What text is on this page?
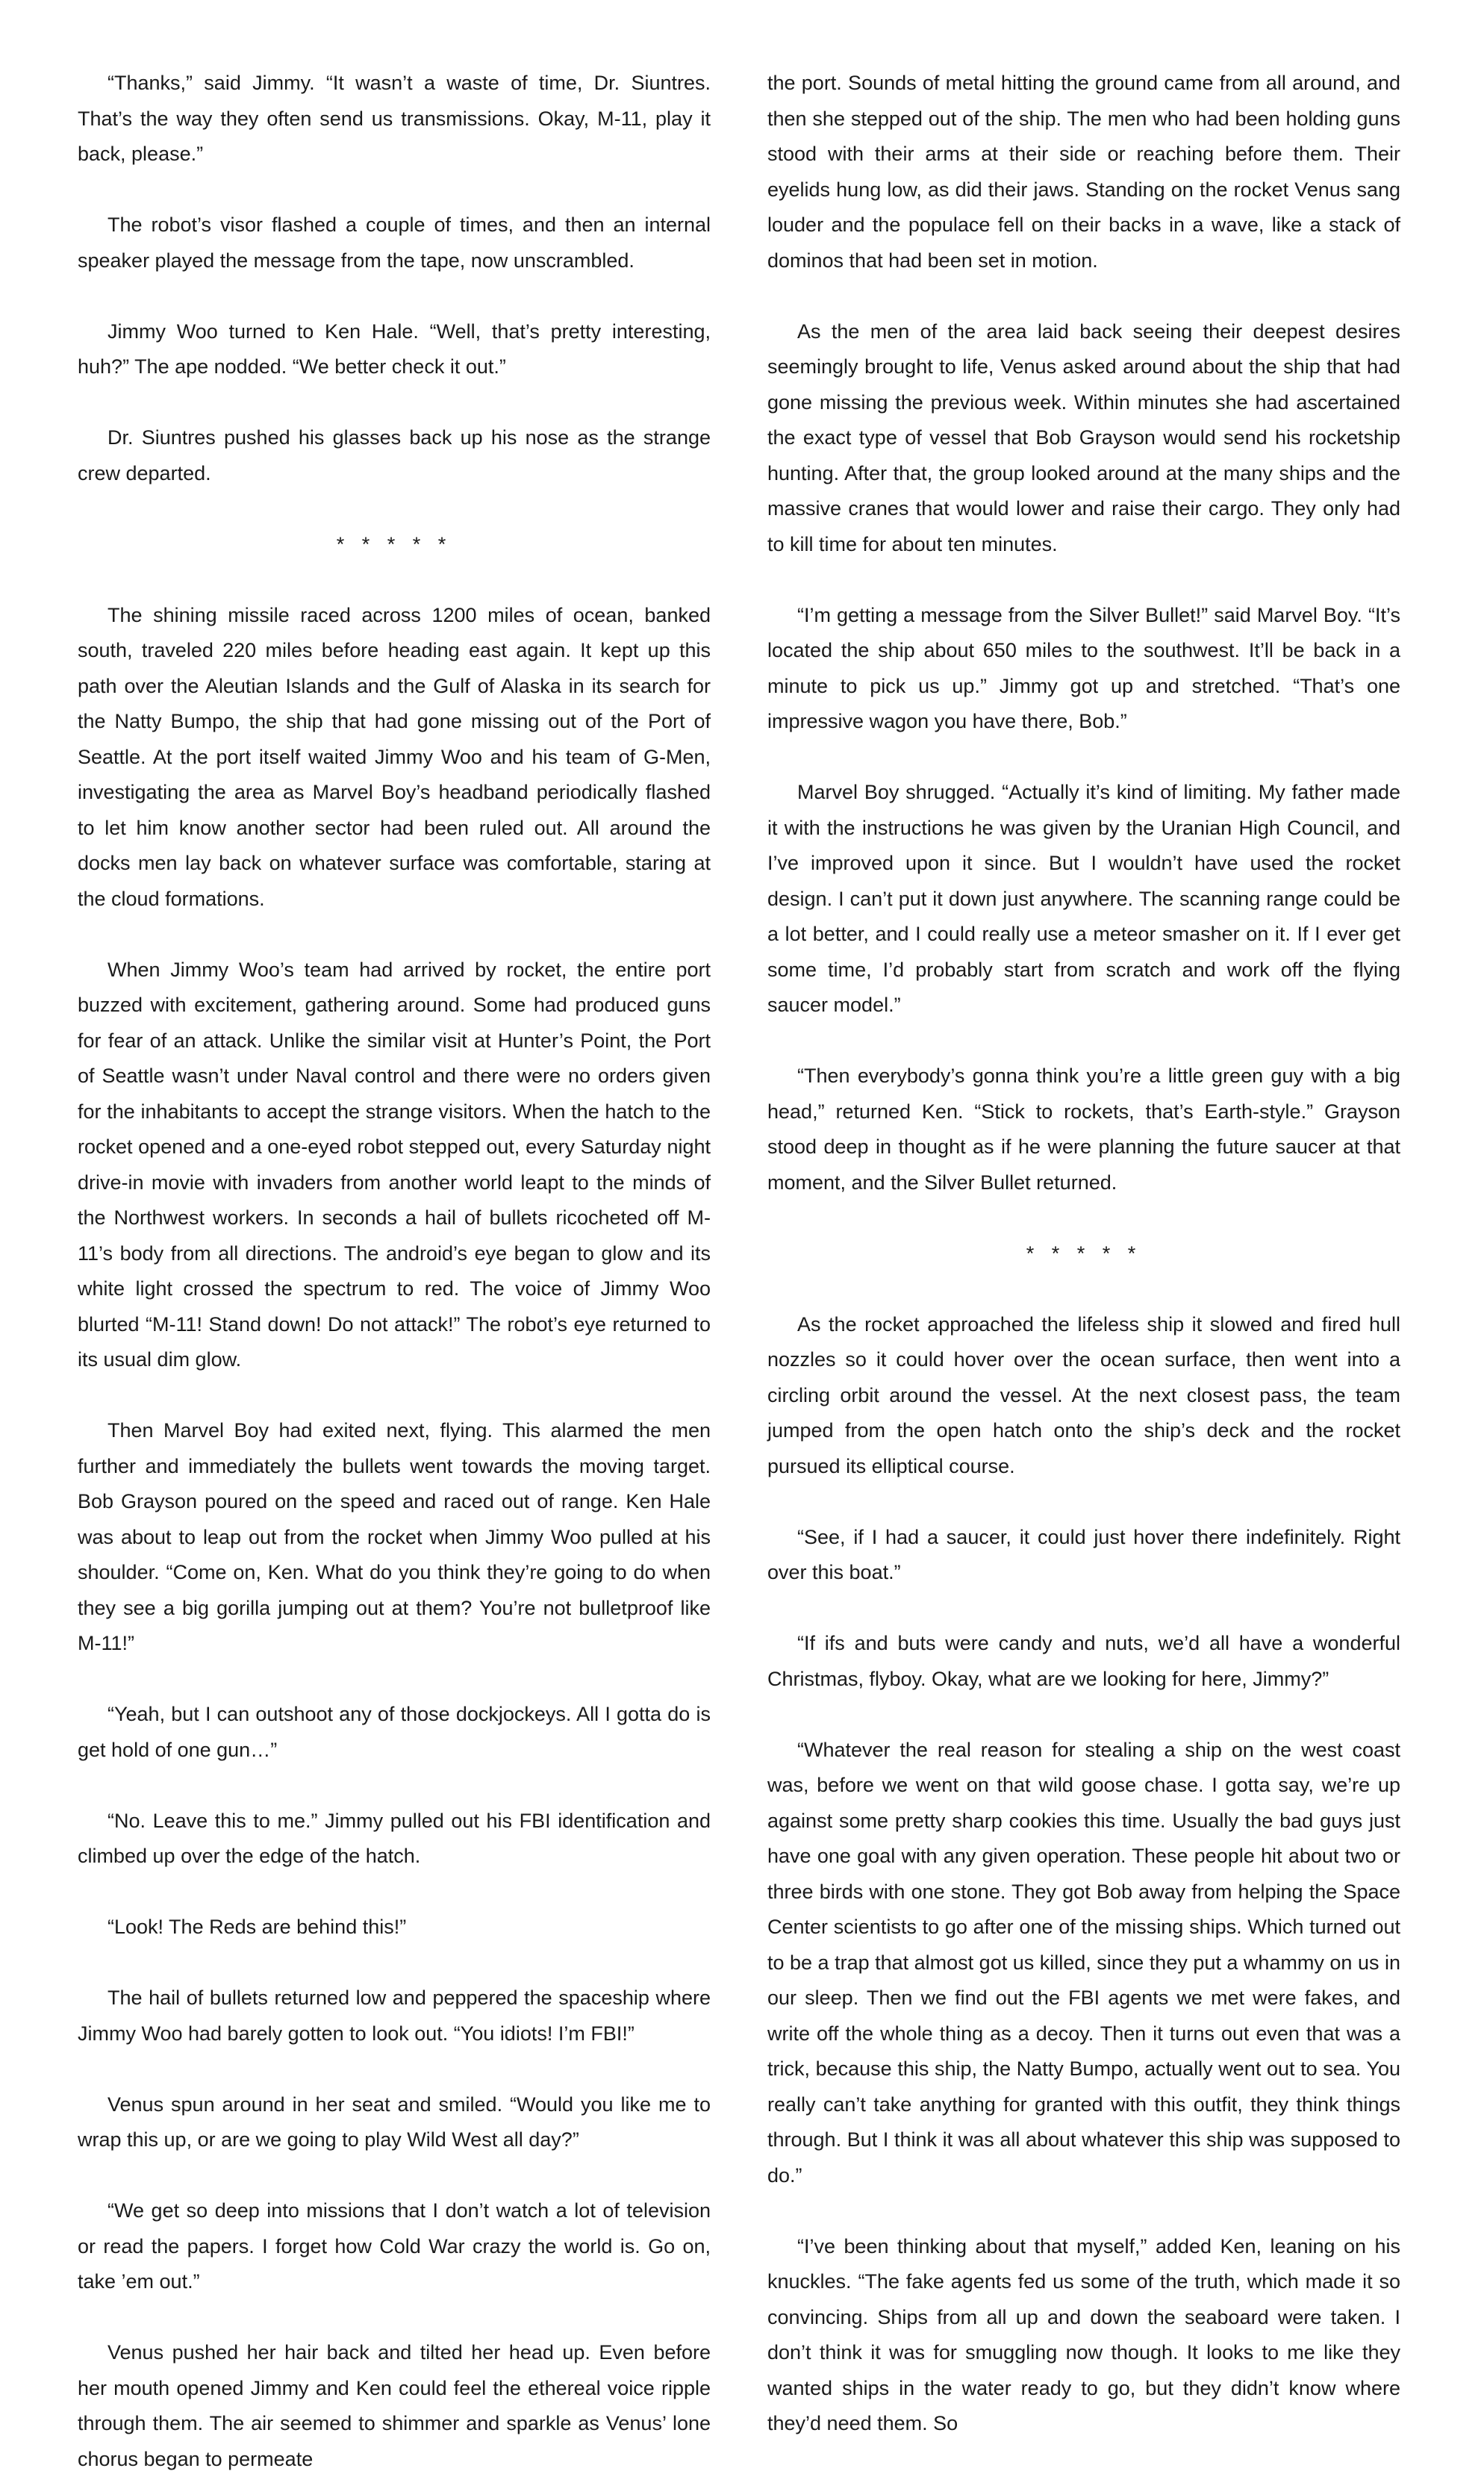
“Thanks,” said Jimmy. “It wasn’t a waste of time, Dr. Siuntres. That’s the way they often send us transmissions. Okay, M-11, play it back, please.”

The robot’s visor flashed a couple of times, and then an internal speaker played the message from the tape, now unscrambled.

Jimmy Woo turned to Ken Hale. “Well, that’s pretty interesting, huh?” The ape nodded. “We better check it out.”

Dr. Siuntres pushed his glasses back up his nose as the strange crew departed.

* * * * *

The shining missile raced across 1200 miles of ocean, banked south, traveled 220 miles before heading east again. It kept up this path over the Aleutian Islands and the Gulf of Alaska in its search for the Natty Bumpo, the ship that had gone missing out of the Port of Seattle. At the port itself waited Jimmy Woo and his team of G-Men, investigating the area as Marvel Boy’s headband periodically flashed to let him know another sector had been ruled out. All around the docks men lay back on whatever surface was comfortable, staring at the cloud formations.

When Jimmy Woo’s team had arrived by rocket, the entire port buzzed with excitement, gathering around. Some had produced guns for fear of an attack. Unlike the similar visit at Hunter’s Point, the Port of Seattle wasn’t under Naval control and there were no orders given for the inhabitants to accept the strange visitors. When the hatch to the rocket opened and a one-eyed robot stepped out, every Saturday night drive-in movie with invaders from another world leapt to the minds of the Northwest workers. In seconds a hail of bullets ricocheted off M-11’s body from all directions. The android’s eye began to glow and its white light crossed the spectrum to red. The voice of Jimmy Woo blurted “M-11! Stand down! Do not attack!” The robot’s eye returned to its usual dim glow.

Then Marvel Boy had exited next, flying. This alarmed the men further and immediately the bullets went towards the moving target. Bob Grayson poured on the speed and raced out of range. Ken Hale was about to leap out from the rocket when Jimmy Woo pulled at his shoulder. “Come on, Ken. What do you think they’re going to do when they see a big gorilla jumping out at them? You’re not bulletproof like M-11!”

“Yeah, but I can outshoot any of those dockjockeys. All I gotta do is get hold of one gun…”

“No. Leave this to me.” Jimmy pulled out his FBI identification and climbed up over the edge of the hatch.

“Look! The Reds are behind this!”

The hail of bullets returned low and peppered the spaceship where Jimmy Woo had barely gotten to look out. “You idiots! I’m FBI!”

Venus spun around in her seat and smiled. “Would you like me to wrap this up, or are we going to play Wild West all day?”

“We get so deep into missions that I don’t watch a lot of television or read the papers. I forget how Cold War crazy the world is. Go on, take ’em out.”

Venus pushed her hair back and tilted her head up. Even before her mouth opened Jimmy and Ken could feel the ethereal voice ripple through them. The air seemed to shimmer and sparkle as Venus’ lone chorus began to permeate

the port. Sounds of metal hitting the ground came from all around, and then she stepped out of the ship. The men who had been holding guns stood with their arms at their side or reaching before them. Their eyelids hung low, as did their jaws. Standing on the rocket Venus sang louder and the populace fell on their backs in a wave, like a stack of dominos that had been set in motion.

As the men of the area laid back seeing their deepest desires seemingly brought to life, Venus asked around about the ship that had gone missing the previous week. Within minutes she had ascertained the exact type of vessel that Bob Grayson would send his rocketship hunting. After that, the group looked around at the many ships and the massive cranes that would lower and raise their cargo. They only had to kill time for about ten minutes.

“I’m getting a message from the Silver Bullet!” said Marvel Boy. “It’s located the ship about 650 miles to the southwest. It’ll be back in a minute to pick us up.” Jimmy got up and stretched. “That’s one impressive wagon you have there, Bob.”

Marvel Boy shrugged. “Actually it’s kind of limiting. My father made it with the instructions he was given by the Uranian High Council, and I’ve improved upon it since. But I wouldn’t have used the rocket design. I can’t put it down just anywhere. The scanning range could be a lot better, and I could really use a meteor smasher on it. If I ever get some time, I’d probably start from scratch and work off the flying saucer model.”

“Then everybody’s gonna think you’re a little green guy with a big head,” returned Ken. “Stick to rockets, that’s Earth-style.” Grayson stood deep in thought as if he were planning the future saucer at that moment, and the Silver Bullet returned.

* * * * *

As the rocket approached the lifeless ship it slowed and fired hull nozzles so it could hover over the ocean surface, then went into a circling orbit around the vessel. At the next closest pass, the team jumped from the open hatch onto the ship’s deck and the rocket pursued its elliptical course.

“See, if I had a saucer, it could just hover there indefinitely. Right over this boat.”

“If ifs and buts were candy and nuts, we’d all have a wonderful Christmas, flyboy. Okay, what are we looking for here, Jimmy?”

“Whatever the real reason for stealing a ship on the west coast was, before we went on that wild goose chase. I gotta say, we’re up against some pretty sharp cookies this time. Usually the bad guys just have one goal with any given operation. These people hit about two or three birds with one stone. They got Bob away from helping the Space Center scientists to go after one of the missing ships. Which turned out to be a trap that almost got us killed, since they put a whammy on us in our sleep. Then we find out the FBI agents we met were fakes, and write off the whole thing as a decoy. Then it turns out even that was a trick, because this ship, the Natty Bumpo, actually went out to sea. You really can’t take anything for granted with this outfit, they think things through. But I think it was all about whatever this ship was supposed to do.”

“I’ve been thinking about that myself,” added Ken, leaning on his knuckles. “The fake agents fed us some of the truth, which made it so convincing. Ships from all up and down the seaboard were taken. I don’t think it was for smuggling now though. It looks to me like they wanted ships in the water ready to go, but they didn’t know where they’d need them. So
